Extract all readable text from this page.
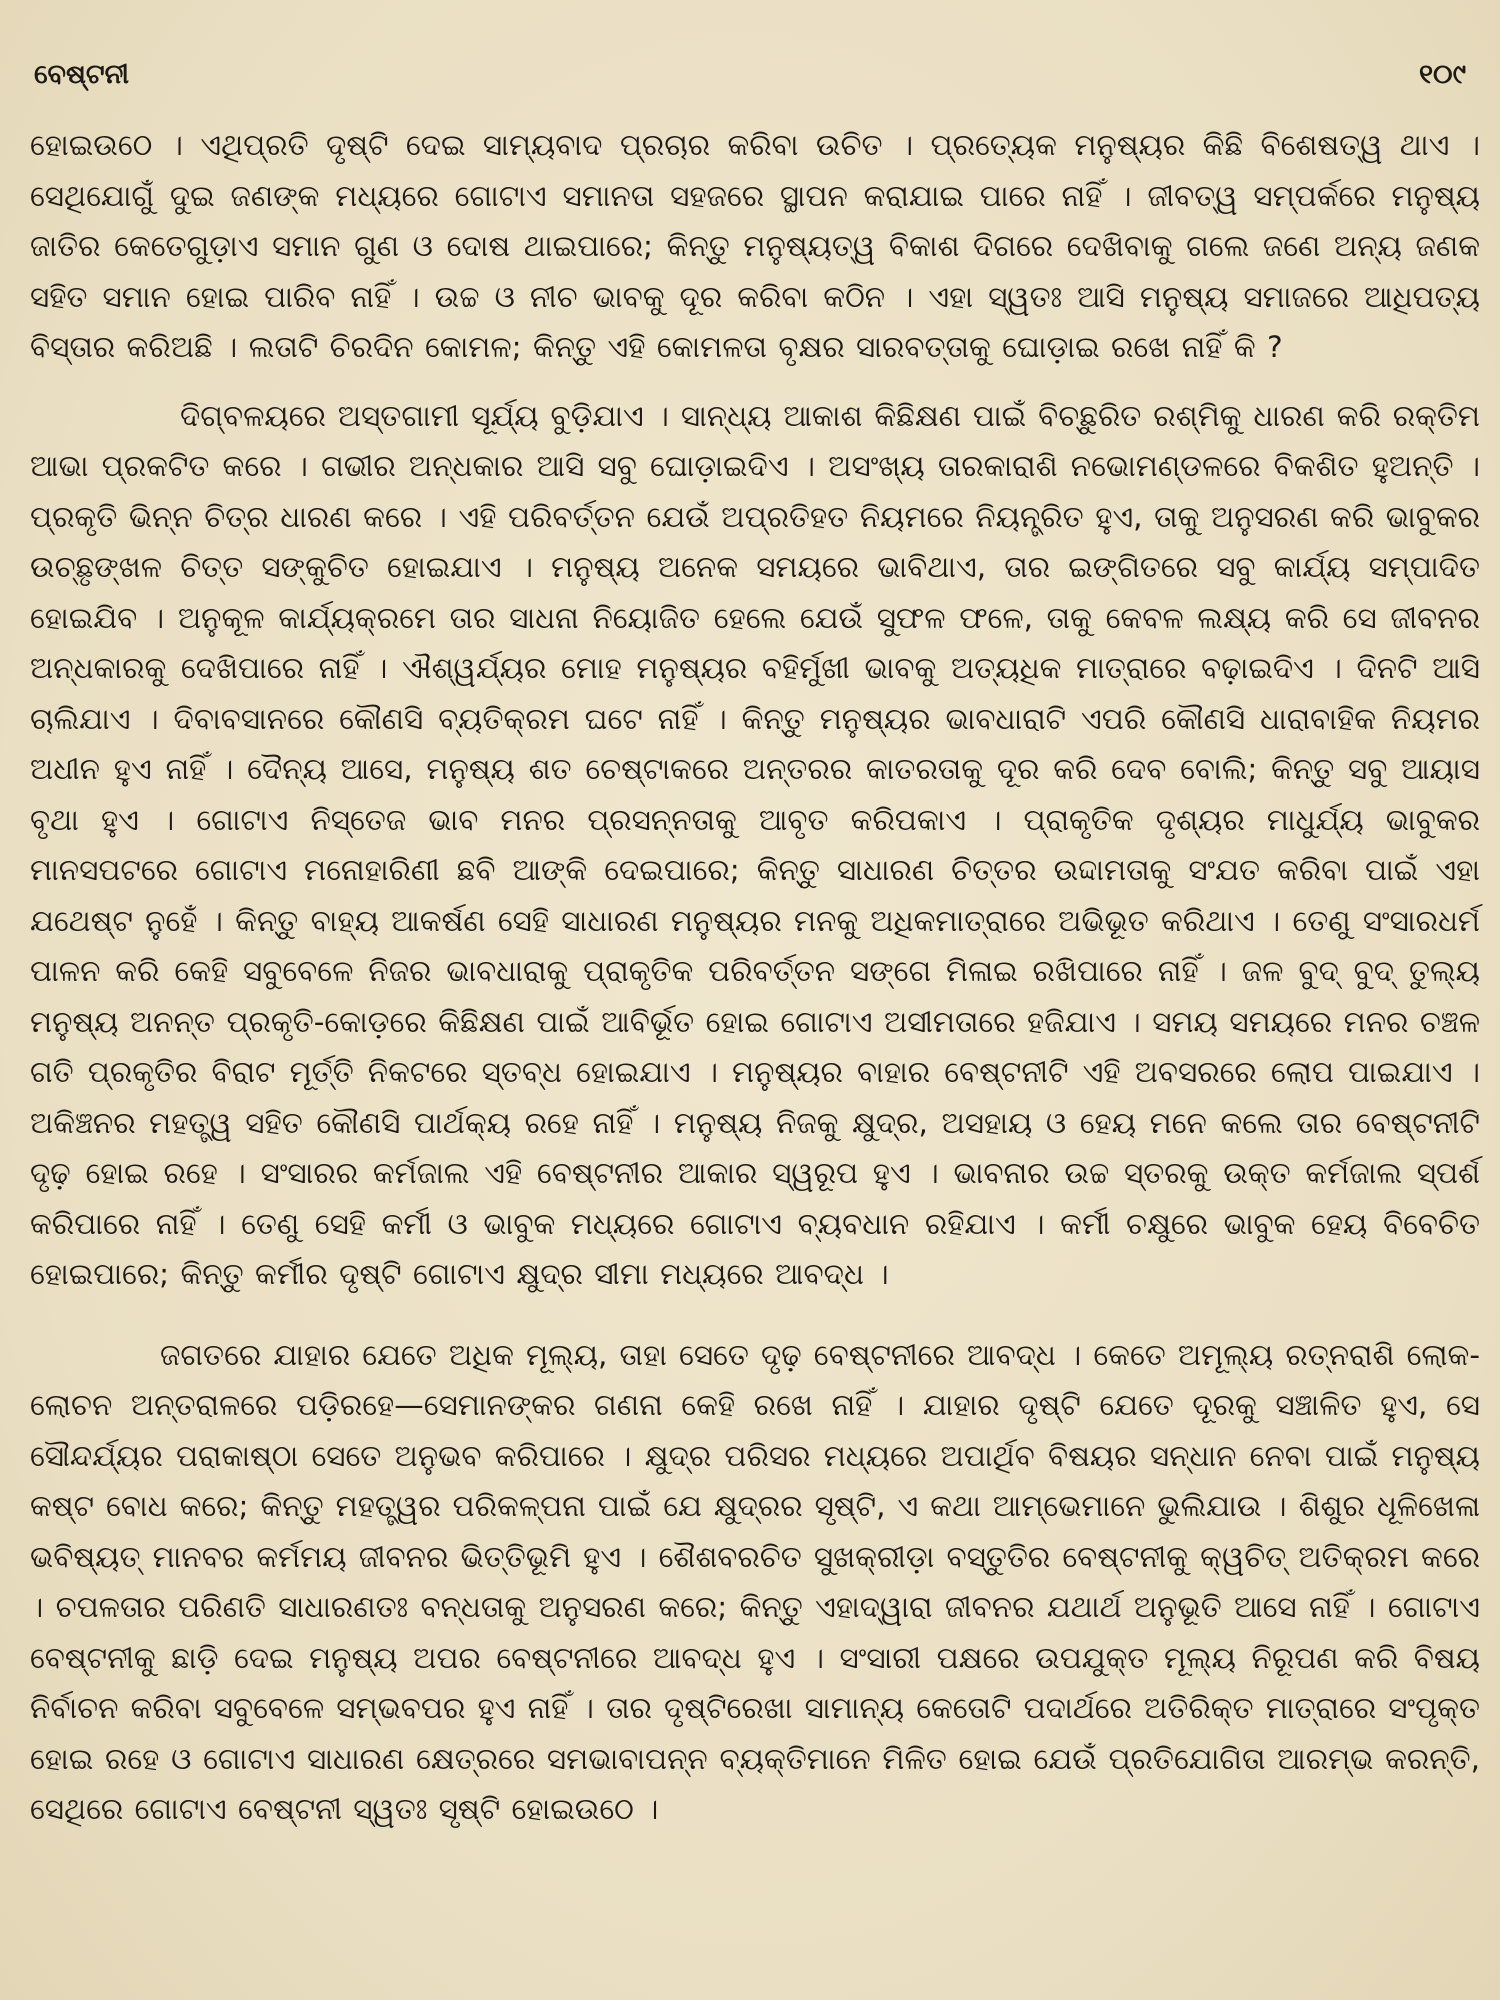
ବେଷ୍ଟନୀ	୧୦୯

ହୋଇଉଠେ । ଏଥିପ୍ରତି ଦୃଷ୍ଟି ଦେଇ ସାମ୍ୟବାଦ ପ୍ରଚାର କରିବା ଉଚିତ । ପ୍ରତ୍ୟେକ ମନୁଷ୍ୟର କିଛି ବିଶେଷତ୍ୱ ଥାଏ । ସେଥିଯୋଗୁଁ ଦୁଇ ଜଣଙ୍କ ମଧ୍ୟରେ ଗୋଟାଏ ସମାନତା ସହଜରେ ସ୍ଥାପନ କରାଯାଇ ପାରେ ନାହିଁ । ଜୀବତ୍ୱ ସମ୍ପର୍କରେ ମନୁଷ୍ୟ ଜାତିର କେତେଗୁଡ଼ାଏ ସମାନ ଗୁଣ ଓ ଦୋଷ ଥାଇପାରେ; କିନ୍ତୁ ମନୁଷ୍ୟତ୍ୱ ବିକାଶ ଦିଗରେ ଦେଖିବାକୁ ଗଲେ ଜଣେ ଅନ୍ୟ ଜଣକ ସହିତ ସମାନ ହୋଇ ପାରିବ ନାହିଁ । ଉଚ୍ଚ ଓ ନୀଚ ଭାବକୁ ଦୂର କରିବା କଠିନ । ଏହା ସ୍ୱତଃ ଆସି ମନୁଷ୍ୟ ସମାଜରେ ଆଧିପତ୍ୟ ବିସ୍ତାର କରିଅଛି । ଲତାଟି ଚିରଦିନ କୋମଳ; କିନ୍ତୁ ଏହି କୋମଳତା ବୃକ୍ଷର ସାରବତ୍ତାକୁ ଘୋଡ଼ାଇ ରଖେ ନାହିଁ କି ?

ଦିଗ୍‌ବଳୟରେ ଅସ୍ତଗାମୀ ସୂର୍ଯ୍ୟ ବୁଡ଼ିଯାଏ । ସାନ୍ଧ୍ୟ ଆକାଶ କିଛିକ୍ଷଣ ପାଇଁ ବିଚ୍ଛୁରିତ ରଶ୍ମିକୁ ଧାରଣ କରି ରକ୍ତିମ ଆଭା ପ୍ରକଟିତ କରେ । ଗଭୀର ଅନ୍ଧକାର ଆସି ସବୁ ଘୋଡ଼ାଇଦିଏ । ଅସଂଖ୍ୟ ତାରକାରାଶି ନଭୋମଣ୍ଡଳରେ ବିକଶିତ ହୁଅନ୍ତି । ପ୍ରକୃତି ଭିନ୍ନ ଚିତ୍ର ଧାରଣ କରେ । ଏହି ପରିବର୍ତ୍ତନ ଯେଉଁ ଅପ୍ରତିହତ ନିୟମରେ ନିୟନ୍ତ୍ରିତ ହୁଏ, ତାକୁ ଅନୁସରଣ କରି ଭାବୁକର ଉଚ୍ଛୃଙ୍ଖଳ ଚିତ୍ତ ସଙ୍କୁଚିତ ହୋଇଯାଏ । ମନୁଷ୍ୟ ଅନେକ ସମୟରେ ଭାବିଥାଏ, ତାର ଇଙ୍ଗିତରେ ସବୁ କାର୍ଯ୍ୟ ସମ୍ପାଦିତ ହୋଇଯିବ । ଅନୁକୂଳ କାର୍ଯ୍ୟକ୍ରମେ ତାର ସାଧନା ନିୟୋଜିତ ହେଲେ ଯେଉଁ ସୁଫଳ ଫଳେ, ତାକୁ କେବଳ ଲକ୍ଷ୍ୟ କରି ସେ ଜୀବନର ଅନ୍ଧକାରକୁ ଦେଖିପାରେ ନାହିଁ । ଐଶ୍ୱର୍ଯ୍ୟର ମୋହ ମନୁଷ୍ୟର ବହିର୍ମୁଖୀ ଭାବକୁ ଅତ୍ୟଧିକ ମାତ୍ରାରେ ବଢ଼ାଇଦିଏ । ଦିନଟି ଆସି ଚାଲିଯାଏ । ଦିବାବସାନରେ କୌଣସି ବ୍ୟତିକ୍ରମ ଘଟେ ନାହିଁ । କିନ୍ତୁ ମନୁଷ୍ୟର ଭାବଧାରାଟି ଏପରି କୌଣସି ଧାରାବାହିକ ନିୟମର ଅଧୀନ ହୁଏ ନାହିଁ । ଦୈନ୍ୟ ଆସେ, ମନୁଷ୍ୟ ଶତ ଚେଷ୍ଟାକରେ ଅନ୍ତରର କାତରତାକୁ ଦୂର କରି ଦେବ ବୋଲି; କିନ୍ତୁ ସବୁ ଆୟାସ ବୃଥା ହୁଏ । ଗୋଟାଏ ନିସ୍ତେଜ ଭାବ ମନର ପ୍ରସନ୍ନତାକୁ ଆବୃତ କରିପକାଏ । ପ୍ରାକୃତିକ ଦୃଶ୍ୟର ମାଧୁର୍ଯ୍ୟ ଭାବୁକର ମାନସପଟରେ ଗୋଟାଏ ମନୋହାରିଣୀ ଛବି ଆଙ୍କି ଦେଇପାରେ; କିନ୍ତୁ ସାଧାରଣ ଚିତ୍ତର ଉଦ୍ଦାମତାକୁ ସଂଯତ କରିବା ପାଇଁ ଏହା ଯଥେଷ୍ଟ ନୁହେଁ । କିନ୍ତୁ ବାହ୍ୟ ଆକର୍ଷଣ ସେହି ସାଧାରଣ ମନୁଷ୍ୟର ମନକୁ ଅଧିକମାତ୍ରାରେ ଅଭିଭୂତ କରିଥାଏ । ତେଣୁ ସଂସାରଧର୍ମ ପାଳନ କରି କେହି ସବୁବେଳେ ନିଜର ଭାବଧାରାକୁ ପ୍ରାକୃତିକ ପରିବର୍ତ୍ତନ ସଙ୍ଗେ ମିଳାଇ ରଖିପାରେ ନାହିଁ । ଜଳ ବୁଦ୍‌ ବୁଦ୍‌ ତୁଲ୍ୟ ମନୁଷ୍ୟ ଅନନ୍ତ ପ୍ରକୃତି-କୋଡ଼ରେ କିଛିକ୍ଷଣ ପାଇଁ ଆବିର୍ଭୂତ ହୋଇ ଗୋଟାଏ ଅସୀମତାରେ ହଜିଯାଏ । ସମୟ ସମୟରେ ମନର ଚଞ୍ଚଳ ଗତି ପ୍ରକୃତିର ବିରାଟ ମୂର୍ତ୍ତି ନିକଟରେ ସ୍ତବ୍ଧ ହୋଇଯାଏ । ମନୁଷ୍ୟର ବାହାର ବେଷ୍ଟନୀଟି ଏହି ଅବସରରେ ଲୋପ ପାଇଯାଏ । ଅକିଞ୍ଚନର ମହତ୍ତ୍ୱ ସହିତ କୌଣସି ପାର୍ଥକ୍ୟ ରହେ ନାହିଁ । ମନୁଷ୍ୟ ନିଜକୁ କ୍ଷୁଦ୍ର, ଅସହାୟ ଓ ହେୟ ମନେ କଲେ ତାର ବେଷ୍ଟନୀଟି ଦୃଢ଼ ହୋଇ ରହେ । ସଂସାରର କର୍ମଜାଲ ଏହି ବେଷ୍ଟନୀର ଆକାର ସ୍ୱରୂପ ହୁଏ । ଭାବନାର ଉଚ୍ଚ ସ୍ତରକୁ ଉକ୍ତ କର୍ମଜାଲ ସ୍ପର୍ଶ କରିପାରେ ନାହିଁ । ତେଣୁ ସେହି କର୍ମୀ ଓ ଭାବୁକ ମଧ୍ୟରେ ଗୋଟାଏ ବ୍ୟବଧାନ ରହିଯାଏ । କର୍ମୀ ଚକ୍ଷୁରେ ଭାବୁକ ହେୟ ବିବେଚିତ ହୋଇପାରେ; କିନ୍ତୁ କର୍ମୀର ଦୃଷ୍ଟି ଗୋଟାଏ କ୍ଷୁଦ୍ର ସୀମା ମଧ୍ୟରେ ଆବଦ୍ଧ ।

ଜଗତରେ ଯାହାର ଯେତେ ଅଧିକ ମୂଲ୍ୟ, ତାହା ସେତେ ଦୃଢ଼ ବେଷ୍ଟନୀରେ ଆବଦ୍ଧ । କେତେ ଅମୂଲ୍ୟ ରତ୍ନରାଶି ଲୋକ-ଲୋଚନ ଅନ୍ତରାଳରେ ପଡ଼ିରହେ—ସେମାନଙ୍କର ଗଣନା କେହି ରଖେ ନାହିଁ । ଯାହାର ଦୃଷ୍ଟି ଯେତେ ଦୂରକୁ ସଞ୍ଚାଳିତ ହୁଏ, ସେ ସୌନ୍ଦର୍ଯ୍ୟର ପରାକାଷ୍ଠା ସେତେ ଅନୁଭବ କରିପାରେ । କ୍ଷୁଦ୍ର ପରିସର ମଧ୍ୟରେ ଅପାର୍ଥିବ ବିଷୟର ସନ୍ଧାନ ନେବା ପାଇଁ ମନୁଷ୍ୟ କଷ୍ଟ ବୋଧ କରେ; କିନ୍ତୁ ମହତ୍ତ୍ୱର ପରିକଳ୍ପନା ପାଇଁ ଯେ କ୍ଷୁଦ୍ରର ସୃଷ୍ଟି, ଏ କଥା ଆମ୍ଭେମାନେ ଭୁଲିଯାଉ । ଶିଶୁର ଧୂଳିଖେଳା ଭବିଷ୍ୟତ୍ ମାନବର କର୍ମମୟ ଜୀବନର ଭିତ୍ତିଭୂମି ହୁଏ । ଶୈଶବରଚିତ ସୁଖକ୍ରୀଡ଼ା ବସ୍ତୁତିର ବେଷ୍ଟନୀକୁ କ୍ୱଚିତ୍ ଅତିକ୍ରମ କରେ । ଚପଳତାର ପରିଣତି ସାଧାରଣତଃ ବନ୍ଧତାକୁ ଅନୁସରଣ କରେ; କିନ୍ତୁ ଏହାଦ୍ୱାରା ଜୀବନର ଯଥାର୍ଥ ଅନୁଭୂତି ଆସେ ନାହିଁ । ଗୋଟାଏ ବେଷ୍ଟନୀକୁ ଛାଡ଼ି ଦେଇ ମନୁଷ୍ୟ ଅପର ବେଷ୍ଟନୀରେ ଆବଦ୍ଧ ହୁଏ । ସଂସାରୀ ପକ୍ଷରେ ଉପଯୁକ୍ତ ମୂଲ୍ୟ ନିରୂପଣ କରି ବିଷୟ ନିର୍ବାଚନ କରିବା ସବୁବେଳେ ସମ୍ଭବପର ହୁଏ ନାହିଁ । ତାର ଦୃଷ୍ଟିରେଖା ସାମାନ୍ୟ କେତୋଟି ପଦାର୍ଥରେ ଅତିରିକ୍ତ ମାତ୍ରାରେ ସଂପୃକ୍ତ ହୋଇ ରହେ ଓ ଗୋଟାଏ ସାଧାରଣ କ୍ଷେତ୍ରରେ ସମଭାବାପନ୍ନ ବ୍ୟକ୍ତିମାନେ ମିଳିତ ହୋଇ ଯେଉଁ ପ୍ରତିଯୋଗିତା ଆରମ୍ଭ କରନ୍ତି, ସେଥିରେ ଗୋଟାଏ ବେଷ୍ଟନୀ ସ୍ୱତଃ ସୃଷ୍ଟି ହୋଇଉଠେ ।
